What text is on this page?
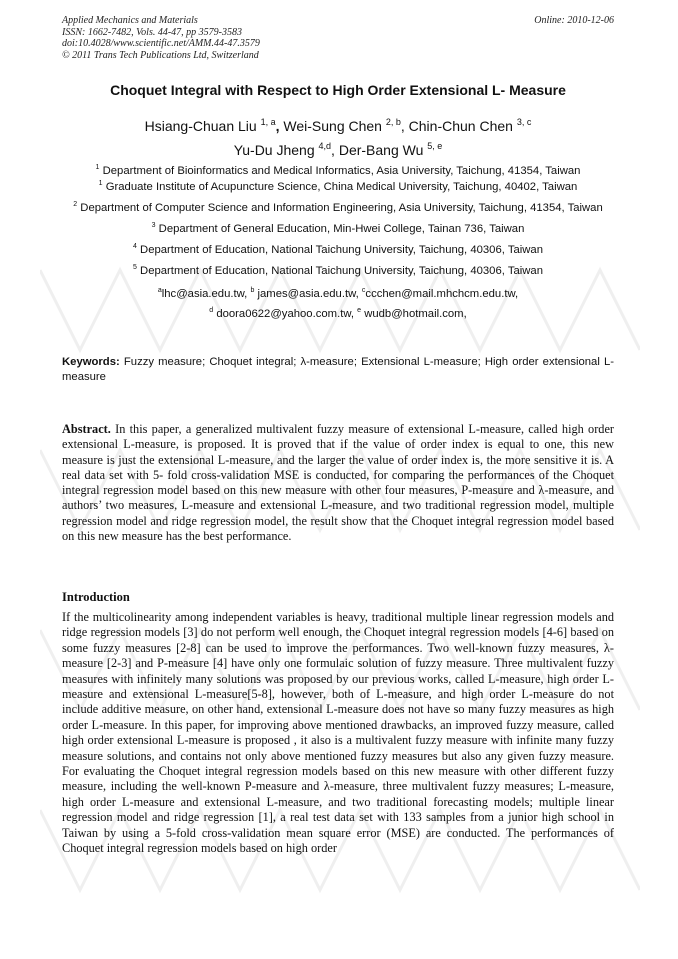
Applied Mechanics and Materials
ISSN: 1662-7482, Vols. 44-47, pp 3579-3583
doi:10.4028/www.scientific.net/AMM.44-47.3579
© 2011 Trans Tech Publications Ltd, Switzerland
Online: 2010-12-06
Choquet Integral with Respect to High Order Extensional L- Measure
Hsiang-Chuan Liu $^{1, a}$, Wei-Sung Chen $^{2, b}$, Chin-Chun Chen $^{3, c}$
Yu-Du Jheng $^{4,d}$, Der-Bang Wu $^{5, e}$
$^1$ Department of Bioinformatics and Medical Informatics, Asia University, Taichung, 41354, Taiwan
$^1$ Graduate Institute of Acupuncture Science, China Medical University, Taichung, 40402, Taiwan
$^2$ Department of Computer Science and Information Engineering, Asia University, Taichung, 41354, Taiwan
$^3$ Department of General Education, Min-Hwei College, Tainan 736, Taiwan
$^4$ Department of Education, National Taichung University, Taichung, 40306, Taiwan
$^5$ Department of Education, National Taichung University, Taichung, 40306, Taiwan
$^a$lhc@asia.edu.tw, $^b$ james@asia.edu.tw, $^c$ccchen@mail.mhchcm.edu.tw,
$^d$ doora0622@yahoo.com.tw, $^e$ wudb@hotmail.com,
Keywords: Fuzzy measure; Choquet integral; λ-measure; Extensional L-measure; High order extensional L-measure
Abstract. In this paper, a generalized multivalent fuzzy measure of extensional L-measure, called high order extensional L-measure, is proposed. It is proved that if the value of order index is equal to one, this new measure is just the extensional L-measure, and the larger the value of order index is, the more sensitive it is. A real data set with 5- fold cross-validation MSE is conducted, for comparing the performances of the Choquet integral regression model based on this new measure with other four measures, P-measure and λ-measure, and authors’ two measures, L-measure and extensional L-measure, and two traditional regression model, multiple regression model and ridge regression model, the result show that the Choquet integral regression model based on this new measure has the best performance.
Introduction
If the multicolinearity among independent variables is heavy, traditional multiple linear regression models and ridge regression models [3] do not perform well enough, the Choquet integral regression models [4-6] based on some fuzzy measures [2-8] can be used to improve the performances. Two well-known fuzzy measures, λ-measure [2-3] and P-measure [4] have only one formulaic solution of fuzzy measure. Three multivalent fuzzy measures with infinitely many solutions was proposed by our previous works, called L-measure, high order L-measure and extensional L-measure[5-8], however, both of L-measure, and high order L-measure do not include additive measure, on other hand, extensional L-measure does not have so many fuzzy measures as high order L-measure. In this paper, for improving above mentioned drawbacks, an improved fuzzy measure, called high order extensional L-measure is proposed , it also is a multivalent fuzzy measure with infinite many fuzzy measure solutions, and contains not only above mentioned fuzzy measures but also any given fuzzy measure. For evaluating the Choquet integral regression models based on this new measure with other different fuzzy measure, including the well-known P-measure and λ-measure, three multivalent fuzzy measures; L-measure, high order L-measure and extensional L-measure, and two traditional forecasting models; multiple linear regression model and ridge regression [1], a real test data set with 133 samples from a junior high school in Taiwan by using a 5-fold cross-validation mean square error (MSE) are conducted. The performances of Choquet integral regression models based on high order
